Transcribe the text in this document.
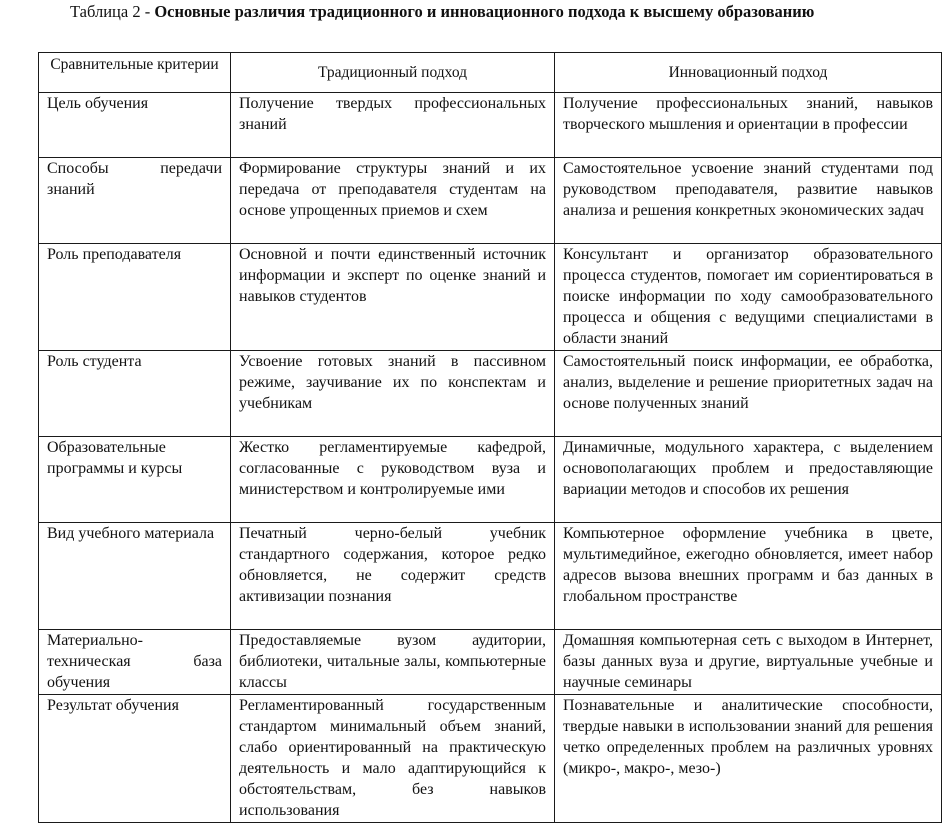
Таблица 2 - Основные различия традиционного и инновационного подхода к высшему образованию
Сравнительные критерии	Традиционный подход	Инновационный подход
Цель обучения	Получение твердых профессиональных знаний	Получение профессиональных знаний, навыков творческого мышления и ориентации в профессии
Способы передачи знаний	Формирование структуры знаний и их передача от преподавателя студентам на основе упрощенных приемов и схем	Самостоятельное усвоение знаний студентами под руководством преподавателя, развитие навыков анализа и решения конкретных экономических задач
Роль преподавателя	Основной и почти единственный источник информации и эксперт по оценке знаний и навыков студентов	Консультант и организатор образовательного процесса студентов, помогает им сориентироваться в поиске информации по ходу самообразовательного процесса и общения с ведущими специалистами в области знаний
Роль студента	Усвоение готовых знаний в пассивном режиме, заучивание их по конспектам и учебникам	Самостоятельный поиск информации, ее обработка, анализ, выделение и решение приоритетных задач на основе полученных знаний
Образовательные программы и курсы	Жестко регламентируемые кафедрой, согласованные с руководством вуза и министерством и контролируемые ими	Динамичные, модульного характера, с выделением основополагающих проблем и предоставляющие вариации методов и способов их решения
Вид учебного материала	Печатный черно-белый учебник стандартного содержания, которое редко обновляется, не содержит средств активизации познания	Компьютерное оформление учебника в цвете, мультимедийное, ежегодно обновляется, имеет набор адресов вызова внешних программ и баз данных в глобальном пространстве
Материально-техническая база обучения	Предоставляемые вузом аудитории, библиотеки, читальные залы, компьютерные классы	Домашняя компьютерная сеть с выходом в Интернет, базы данных вуза и другие, виртуальные учебные и научные семинары
Результат обучения	Регламентированный государственным стандартом минимальный объем знаний, слабо ориентированный на практическую деятельность и мало адаптирующийся к обстоятельствам, без навыков использования	Познавательные и аналитические способности, твердые навыки в использовании знаний для решения четко определенных проблем на различных уровнях (микро-, макро-, мезо-)
